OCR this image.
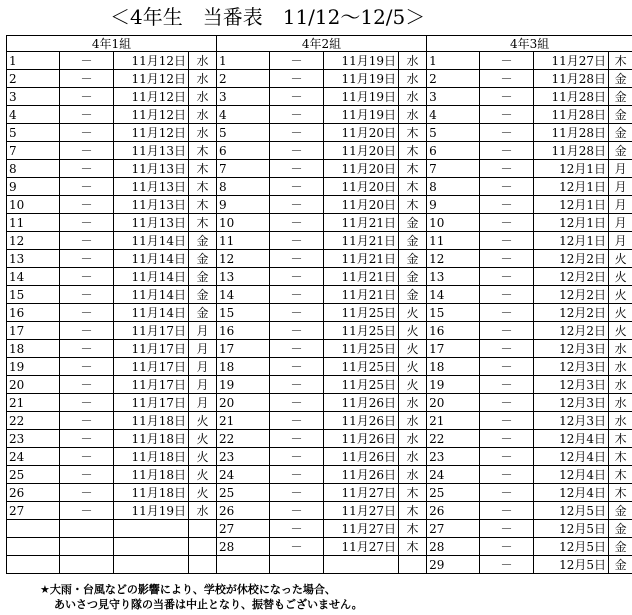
＜4年生　当番表　11/12～12/5＞
4年1組				4年2組				4年3組			
1	－	11月12日	水	1	－	11月19日	水	1	－	11月27日	木
2	－	11月12日	水	2	－	11月19日	水	2	－	11月28日	金
3	－	11月12日	水	3	－	11月19日	水	3	－	11月28日	金
4	－	11月12日	水	4	－	11月19日	水	4	－	11月28日	金
5	－	11月12日	水	5	－	11月20日	木	5	－	11月28日	金
7	－	11月13日	木	6	－	11月20日	木	6	－	11月28日	金
8	－	11月13日	木	7	－	11月20日	木	7	－	12月1日	月
9	－	11月13日	木	8	－	11月20日	木	8	－	12月1日	月
10	－	11月13日	木	9	－	11月20日	木	9	－	12月1日	月
11	－	11月13日	木	10	－	11月21日	金	10	－	12月1日	月
12	－	11月14日	金	11	－	11月21日	金	11	－	12月1日	月
13	－	11月14日	金	12	－	11月21日	金	12	－	12月2日	火
14	－	11月14日	金	13	－	11月21日	金	13	－	12月2日	火
15	－	11月14日	金	14	－	11月21日	金	14	－	12月2日	火
16	－	11月14日	金	15	－	11月25日	火	15	－	12月2日	火
17	－	11月17日	月	16	－	11月25日	火	16	－	12月2日	火
18	－	11月17日	月	17	－	11月25日	火	17	－	12月3日	水
19	－	11月17日	月	18	－	11月25日	火	18	－	12月3日	水
20	－	11月17日	月	19	－	11月25日	火	19	－	12月3日	水
21	－	11月17日	月	20	－	11月26日	水	20	－	12月3日	水
22	－	11月18日	火	21	－	11月26日	水	21	－	12月3日	水
23	－	11月18日	火	22	－	11月26日	水	22	－	12月4日	木
24	－	11月18日	火	23	－	11月26日	水	23	－	12月4日	木
25	－	11月18日	火	24	－	11月26日	水	24	－	12月4日	木
26	－	11月18日	火	25	－	11月27日	木	25	－	12月4日	木
27	－	11月19日	水	26	－	11月27日	木	26	－	12月5日	金
				27	－	11月27日	木	27	－	12月5日	金
				28	－	11月27日	木	28	－	12月5日	金
								29	－	12月5日	金
★大雨・台風などの影響により、学校が休校になった場合、
あいさつ見守り隊の当番は中止となり、振替もございません。
